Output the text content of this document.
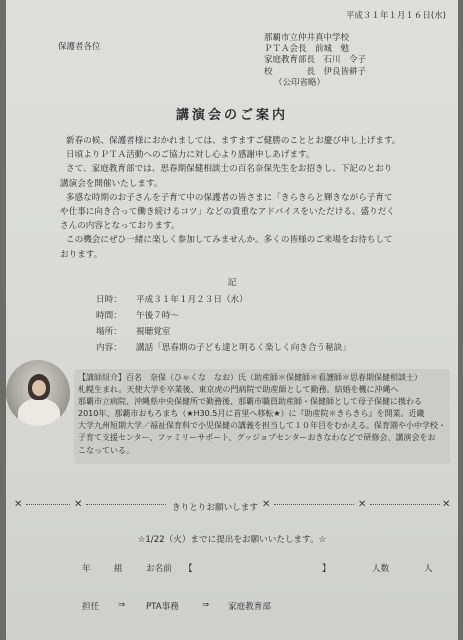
平成３１年１月１６日(水)
保護者各位
那覇市立仲井真中学校
ＰＴＡ会長　前城　勉
家庭教育部長　石川　令子
校　　　　長　伊良皆耕子
（公印省略）
講演会のご案内

新春の候、保護者様におかれましては、ますますご健勝のこととお慶び申し上げます。

日頃よりＰＴＡ活動へのご協力に対し心より感謝申しあげます。

さて、家庭教育部では、思春期保健相談士の百名奈保先生をお招きし、下記のとおり

講演会を開催いたします。

多感な時期のお子さんを子育て中の保護者の皆さまに「きらきらと輝きながら子育て

や仕事に向き合って働き続けるコツ」などの貴重なアドバイスをいただける、盛りだく

さんの内容となっております。

この機会にぜひ一緒に楽しく参加してみませんか。多くの皆様のご来場をお待ちして

おります。

記
日時： 平成３１年１月２３日（水）
時間： 午後７時～
場所： 視聴覚室
内容： 講話「思春期の子ども達と明るく楽しく向き合う秘訣」

【講師紹介】百名　奈保（ひゃくな　なお）氏（助産師＊保健師＊看護師＊思春期保健相談士）

札幌生まれ。天使大学を卒業後、東京虎の門病院で助産師として勤務。結婚を機に沖縄へ

那覇市立病院、沖縄県中央保健所で勤務後、那覇市職員助産師・保健師として母子保健に携わる

2010年、那覇市おもろまち（★H30.5月に首里へ移転★）に『助産院＊きらきら』を開業。近畿

大学九州短期大学／福祉保育科で小児保健の講義を担当して１０年目をむかえる。保育園や小中学校・

子育て支援センター、ファミリーサポート、グッジョブセンターおきなわなどで研修会、講演会をお

こなっている。

✕	✕	きりとりお願いします ✕	✕	✕
☆1/22（火）までに提出をお願いいたします。☆
年	組	お名前 【	】	人数	人
担任 ⇒ PTA事務	⇒ 家庭教育部
